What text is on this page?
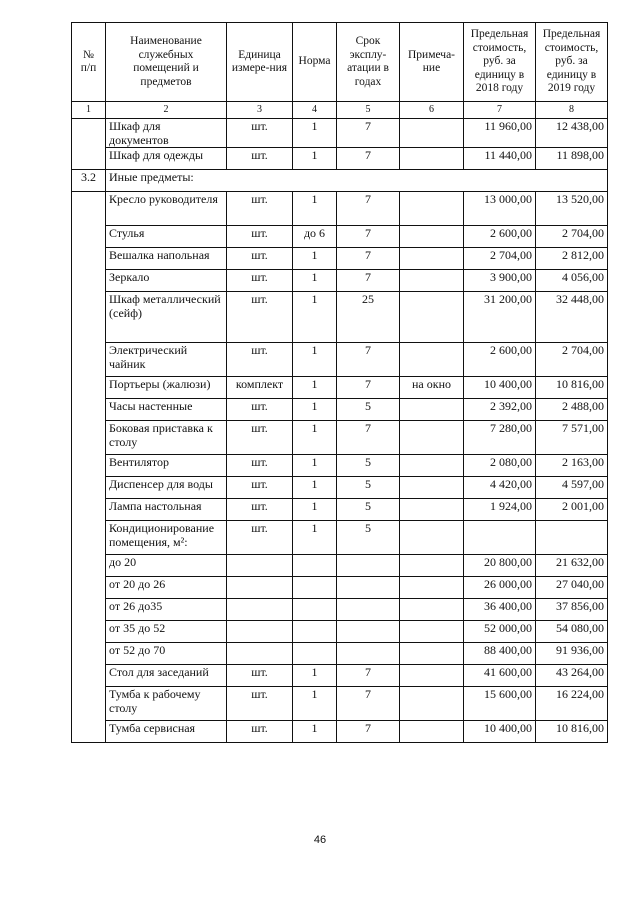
№
п/п	Наименование служебных помещений и предметов	Единица измере-ния	Норма	Срок эксплу-атации в годах	Примеча-ние	Предельная стоимость, руб. за единицу в 2018 году	Предельная стоимость, руб. за единицу в 2019 году
1	2	3	4	5	6	7	8
	Шкаф для документов	шт.	1	7		11 960,00	12 438,00
	Шкаф для одежды	шт.	1	7		11 440,00	11 898,00
3.2	Иные предметы:						
	Кресло руководителя	шт.	1	7		13 000,00	13 520,00
	Стулья	шт.	до 6	7		2 600,00	2 704,00
	Вешалка напольная	шт.	1	7		2 704,00	2 812,00
	Зеркало	шт.	1	7		3 900,00	4 056,00
	Шкаф металлический (сейф)	шт.	1	25		31 200,00	32 448,00
	Электрический чайник	шт.	1	7		2 600,00	2 704,00
	Портьеры (жалюзи)	комплект	1	7	на окно	10 400,00	10 816,00
	Часы настенные	шт.	1	5		2 392,00	2 488,00
	Боковая приставка к столу	шт.	1	7		7 280,00	7 571,00
	Вентилятор	шт.	1	5		2 080,00	2 163,00
	Диспенсер для воды	шт.	1	5		4 420,00	4 597,00
	Лампа настольная	шт.	1	5		1 924,00	2 001,00
	Кондиционирование помещения, м²:	шт.	1	5			
	до 20					20 800,00	21 632,00
	от 20 до 26					26 000,00	27 040,00
	от 26 до35					36 400,00	37 856,00
	от 35 до 52					52 000,00	54 080,00
	от 52 до 70					88 400,00	91 936,00
	Стол для заседаний	шт.	1	7		41 600,00	43 264,00
	Тумба к рабочему столу	шт.	1	7		15 600,00	16 224,00
	Тумба сервисная	шт.	1	7		10 400,00	10 816,00
46
